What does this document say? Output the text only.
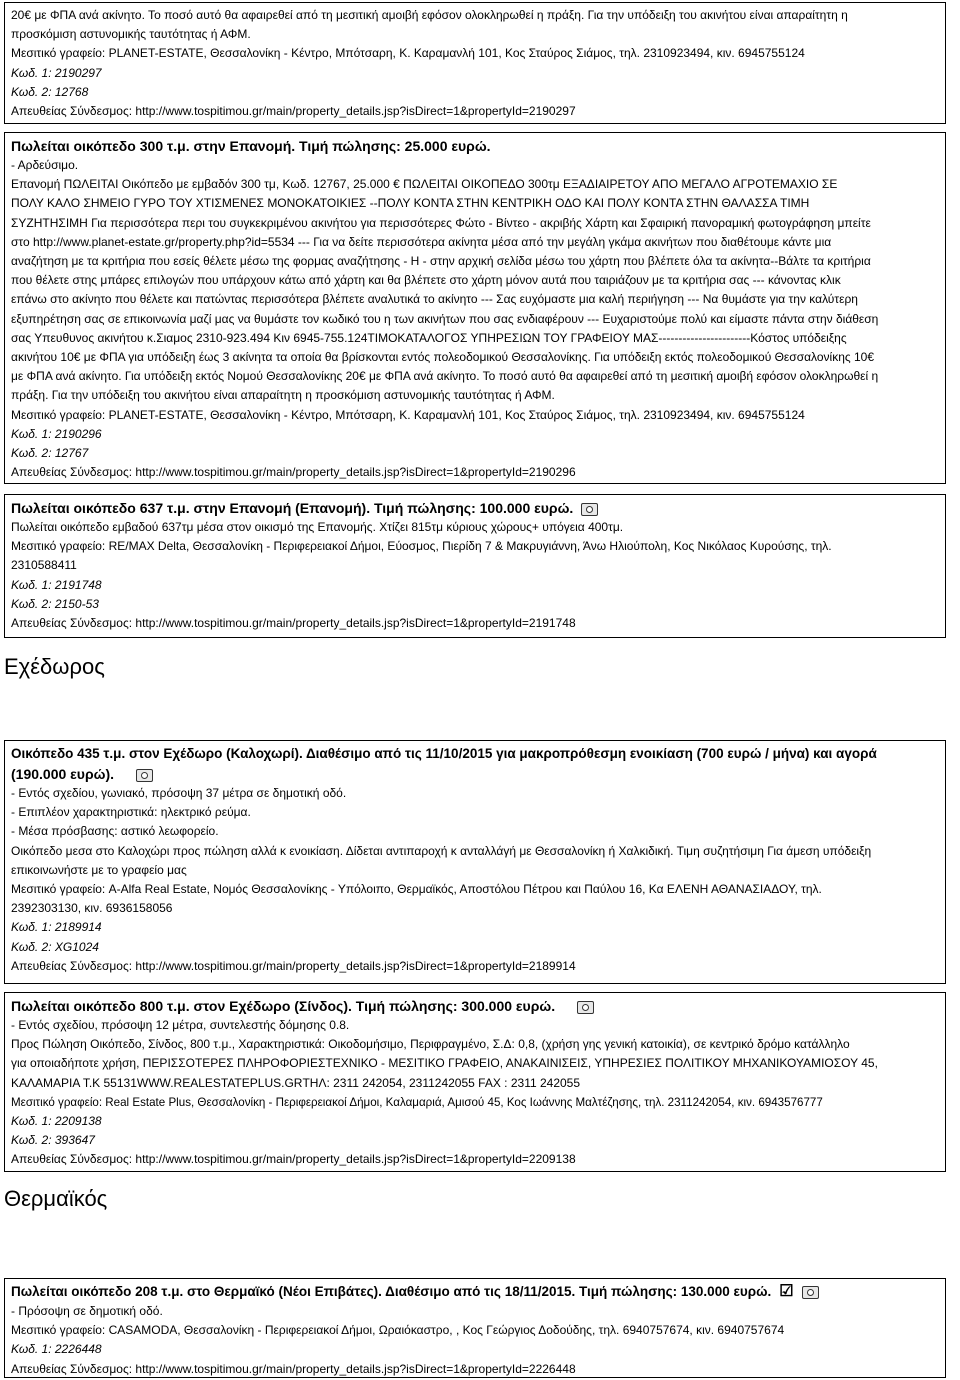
20€ με ΦΠΑ ανά ακίνητο. Το ποσό αυτό θα αφαιρεθεί από τη μεσιτική αμοιβή εφόσον ολοκληρωθεί η πράξη. Για την υπόδειξη του ακινήτου είναι απαραίτητη η
προσκόμιση αστυνομικής ταυτότητας ή ΑΦΜ.
Μεσιτικό γραφείο: PLANET-ESTATE, Θεσσαλονίκη - Κέντρο, Μπότσαρη, Κ. Καραμανλή 101, Κος Σταύρος Σιάμος, τηλ. 2310923494, κιν. 6945755124
Κωδ. 1: 2190297
Κωδ. 2: 12768
Απευθείας Σύνδεσμος: http://www.tospitimou.gr/main/property_details.jsp?isDirect=1&propertyId=2190297
Πωλείται οικόπεδο 300 τ.μ. στην Επανομή. Τιμή πώλησης: 25.000 ευρώ.
- Αρδεύσιμο.
Επανομή ΠΩΛΕΙΤΑΙ Οικόπεδο με εμβαδόν 300 τμ, Κωδ. 12767, 25.000 € ΠΩΛΕΙΤΑΙ ΟΙΚΟΠΕΔΟ 300τμ ΕΞΑΔΙΑΙΡΕΤΟΥ ΑΠΟ ΜΕΓΑΛΟ ΑΓΡΟΤΕΜΑΧΙΟ ΣΕ
ΠΟΛΥ ΚΑΛΟ ΣΗΜΕΙΟ ΓΥΡΟ ΤΟΥ ΧΤΙΣΜΕΝΕΣ ΜΟΝΟΚΑΤΟΙΚΙΕΣ --ΠΟΛΥ ΚΟΝΤΑ ΣΤΗΝ ΚΕΝΤΡΙΚΗ ΟΔΟ ΚΑΙ ΠΟΛΥ ΚΟΝΤΑ ΣΤΗΝ ΘΑΛΑΣΣΑ ΤΙΜΗ
ΣΥΖΗΤΗΣΙΜΗ Για περισσότερα περι του συγκεκριμένου ακινήτου για περισσότερες Φώτο - Βίντεο - ακριβής Χάρτη και Σφαιρική πανοραμική φωτογράφηση μπείτε
στο http://www.planet-estate.gr/property.php?id=5534 --- Για να δείτε περισσότερα ακίνητα μέσα από την μεγάλη γκάμα ακινήτων που διαθέτουμε κάντε μια
αναζήτηση με τα κριτήρια που εσείς θέλετε μέσω της φορμας αναζήτησης - Η - στην αρχική σελίδα μέσω του χάρτη που βλέπετε όλα τα ακίνητα--Βάλτε τα κριτήρια
που θέλετε στης μπάρες επιλογών που υπάρχουν κάτω από χάρτη και θα βλέπετε στο χάρτη μόνον αυτά που ταιριάζουν με τα κριτήρια σας --- κάνοντας κλικ
επάνω στο ακίνητο που θέλετε και πατώντας περισσότερα βλέπετε αναλυτικά το ακίνητο --- Σας ευχόμαστε μια καλή περιήγηση --- Να θυμάστε για την καλύτερη
εξυπηρέτηση σας σε επικοινωνία μαζί μας να θυμάστε τον κωδικό του η των ακινήτων που σας ενδιαφέρουν --- Ευχαριστούμε πολύ και είμαστε πάντα στην διάθεση
σας Υπευθυνος ακινήτου κ.Σιαμος 2310-923.494 Κιν 6945-755.124ΤΙΜΟΚΑΤΑΛΟΓΟΣ ΥΠΗΡΕΣΙΩΝ ΤΟΥ ΓΡΑΦΕΙΟΥ ΜΑΣ-----------------------Κόστος υπόδειξης
ακινήτου 10€ με ΦΠΑ για υπόδειξη έως 3 ακίνητα τα οποία θα βρίσκονται εντός πολεοδομικού Θεσσαλονίκης. Για υπόδειξη εκτός πολεοδομικού Θεσσαλονίκης 10€
με ΦΠΑ ανά ακίνητο. Για υπόδειξη εκτός Νομού Θεσσαλονίκης 20€ με ΦΠΑ ανά ακίνητο. Το ποσό αυτό θα αφαιρεθεί από τη μεσιτική αμοιβή εφόσον ολοκληρωθεί η
πράξη. Για την υπόδειξη του ακινήτου είναι απαραίτητη η προσκόμιση αστυνομικής ταυτότητας ή ΑΦΜ.
Μεσιτικό γραφείο: PLANET-ESTATE, Θεσσαλονίκη - Κέντρο, Μπότσαρη, Κ. Καραμανλή 101, Κος Σταύρος Σιάμος, τηλ. 2310923494, κιν. 6945755124
Κωδ. 1: 2190296
Κωδ. 2: 12767
Απευθείας Σύνδεσμος: http://www.tospitimou.gr/main/property_details.jsp?isDirect=1&propertyId=2190296
Πωλείται οικόπεδο 637 τ.μ. στην Επανομή (Επανομή). Τιμή πώλησης: 100.000 ευρώ.
Πωλείται οικόπεδο εμβαδού 637τμ μέσα στον οικισμό της Επανομής. Χτίζει 815τμ κύριους χώρους+ υπόγεια 400τμ.
Μεσιτικό γραφείο: RE/MAX Delta, Θεσσαλονίκη - Περιφερειακοί Δήμοι, Εύοσμος, Πιερίδη 7 & Μακρυγιάννη, Άνω Ηλιούπολη, Κος Νικόλαος Κυρούσης, τηλ.
2310588411
Κωδ. 1: 2191748
Κωδ. 2: 2150-53
Απευθείας Σύνδεσμος: http://www.tospitimou.gr/main/property_details.jsp?isDirect=1&propertyId=2191748
Εχέδωρος
Οικόπεδο 435 τ.μ. στον Εχέδωρο (Καλοχωρί). Διαθέσιμο από τις 11/10/2015 για μακροπρόθεσμη ενοικίαση (700 ευρώ / μήνα) και αγορά
(190.000 ευρώ).
- Εντός σχεδίου, γωνιακό, πρόσοψη 37 μέτρα σε δημοτική οδό.
- Επιπλέον χαρακτηριστικά: ηλεκτρικό ρεύμα.
- Μέσα πρόσβασης: αστικό λεωφορείο.
Οικόπεδο μεσα στο Καλοχώρι προς πώληση αλλά κ ενοικίαση. Δίδεται αντιπαροχή κ ανταλλάγή με Θεσσαλονίκη ή Χαλκιδική. Τιμη συζητήσιμη Για άμεση υπόδειξη
επικοινωνήστε με το γραφείο μας
Μεσιτικό γραφείο: A-Alfa Real Estate, Νομός Θεσσαλονίκης - Υπόλοιπο, Θερμαϊκός, Αποστόλου Πέτρου και Παύλου 16, Κα ΕΛΕΝΗ ΑΘΑΝΑΣΙΑΔΟΥ, τηλ.
2392303130, κιν. 6936158056
Κωδ. 1: 2189914
Κωδ. 2: XG1024
Απευθείας Σύνδεσμος: http://www.tospitimou.gr/main/property_details.jsp?isDirect=1&propertyId=2189914
Πωλείται οικόπεδο 800 τ.μ. στον Εχέδωρο (Σίνδος). Τιμή πώλησης: 300.000 ευρώ.
- Εντός σχεδίου, πρόσοψη 12 μέτρα, συντελεστής δόμησης 0.8.
Προς Πώληση Οικόπεδο, Σίνδος, 800 τ.μ., Χαρακτηριστικά: Οικοδομήσιμο, Περιφραγμένο, Σ.Δ: 0,8, (χρήση γης γενική κατοικία), σε κεντρικό δρόμο κατάλληλο
για οποιαδήποτε χρήση, ΠΕΡΙΣΣΟΤΕΡΕΣ ΠΛΗΡΟΦΟΡΙΕΣΤΕΧΝΙΚΟ - ΜΕΣΙΤΙΚΟ ΓΡΑΦΕΙΟ, ΑΝΑΚΑΙΝΙΣΕΙΣ, ΥΠΗΡΕΣΙΕΣ ΠΟΛΙΤΙΚΟΥ ΜΗΧΑΝΙΚΟΥΑΜΙΟΣΟΥ 45,
ΚΑΛΑΜΑΡΙΑ Τ.Κ 55131WWW.REALESTATEPLUS.GRΤΗΛ: 2311 242054, 2311242055 FAX : 2311 242055
Μεσιτικό γραφείο: Real Estate Plus, Θεσσαλονίκη - Περιφερειακοί Δήμοι, Καλαμαριά, Αμισού 45, Κος Ιωάννης Μαλτέζησης, τηλ. 2311242054, κιν. 6943576777
Κωδ. 1: 2209138
Κωδ. 2: 393647
Απευθείας Σύνδεσμος: http://www.tospitimou.gr/main/property_details.jsp?isDirect=1&propertyId=2209138
Θερμαϊκός
Πωλείται οικόπεδο 208 τ.μ. στο Θερμαϊκό (Νέοι Επιβάτες). Διαθέσιμο από τις 18/11/2015. Τιμή πώλησης: 130.000 ευρώ. ☑
- Πρόσοψη σε δημοτική οδό.
Μεσιτικό γραφείο: CASAMODA, Θεσσαλονίκη - Περιφερειακοί Δήμοι, Ωραιόκαστρο, , Κος Γεώργιος Δοδούδης, τηλ. 6940757674, κιν. 6940757674
Κωδ. 1: 2226448
Απευθείας Σύνδεσμος: http://www.tospitimou.gr/main/property_details.jsp?isDirect=1&propertyId=2226448
